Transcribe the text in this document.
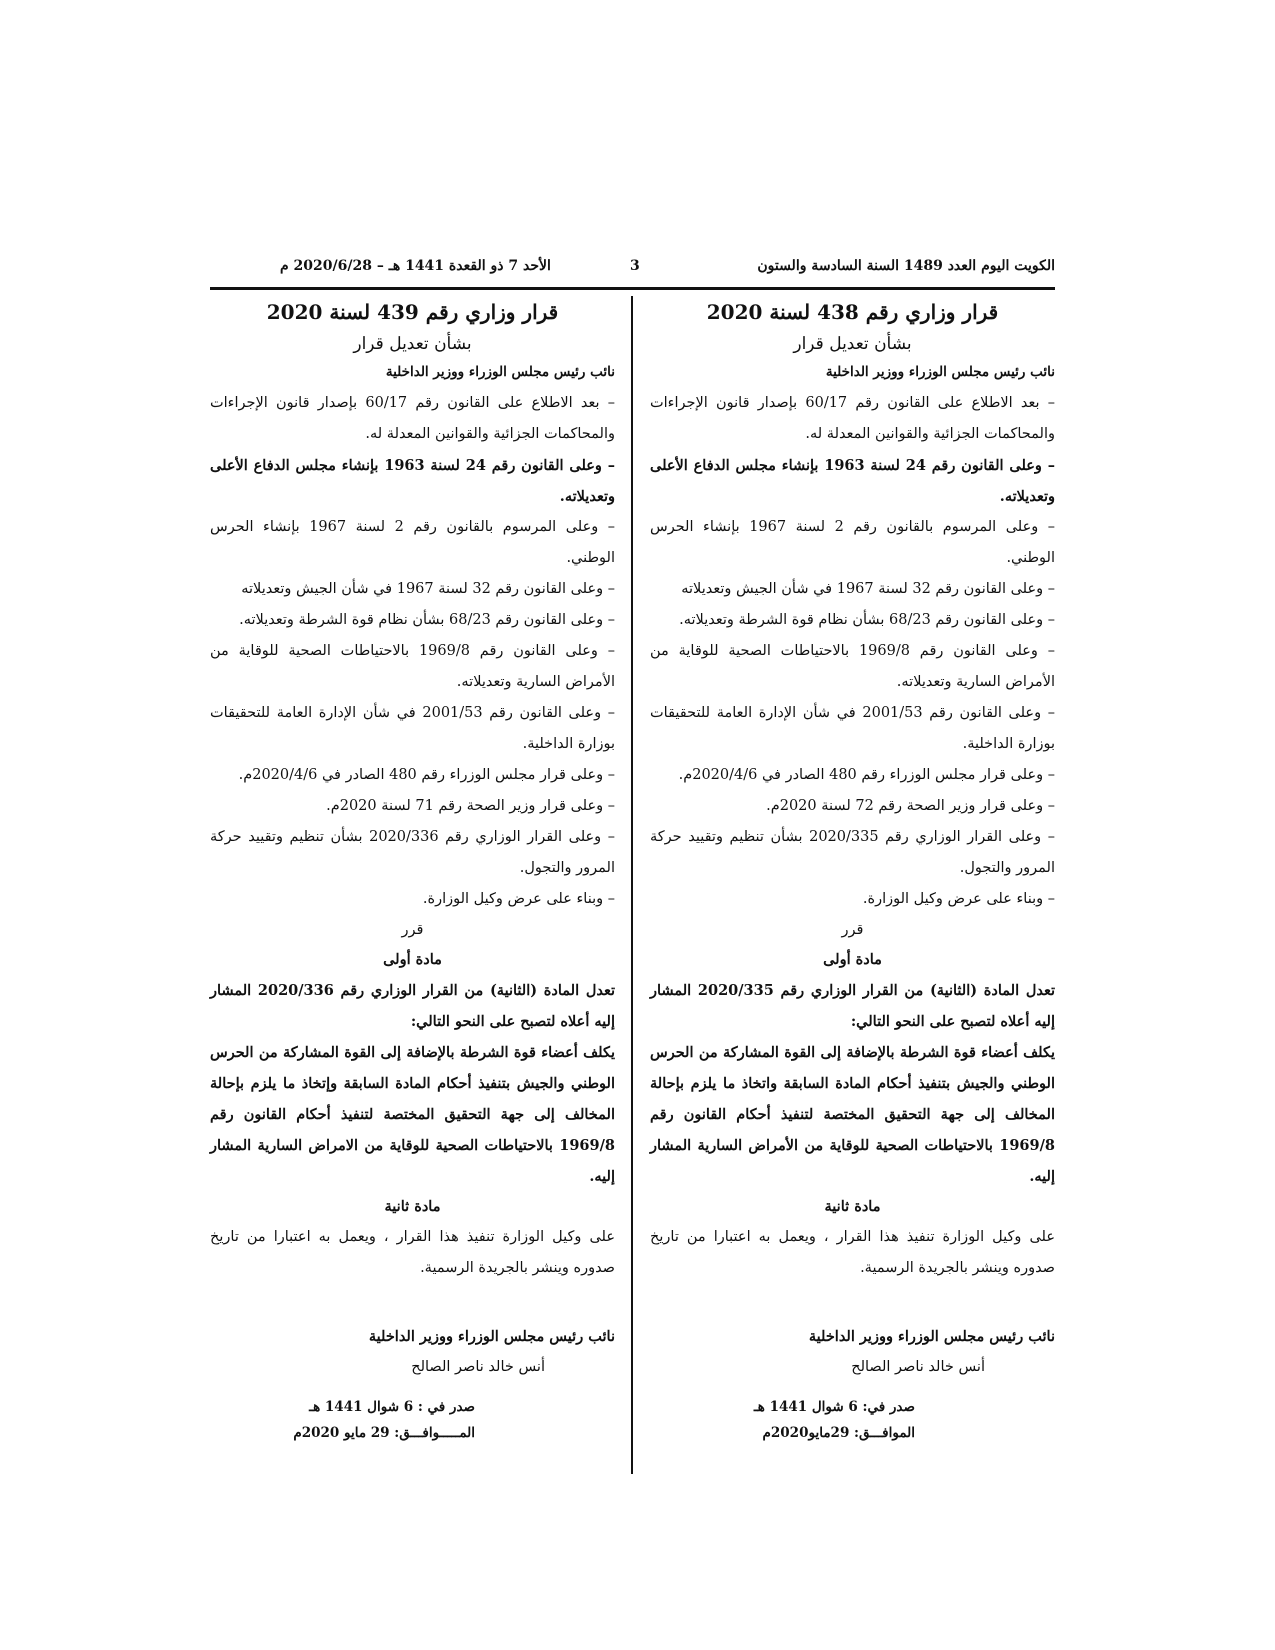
الأحد 7 ذو القعدة 1441 هـ – 2020/6/28 م	3	الكويت اليوم العدد 1489 السنة السادسة والستون

قرار وزاري رقم 438 لسنة 2020

بشأن تعديل قرار

نائب رئيس مجلس الوزراء ووزير الداخلية

– بعد الاطلاع على القانون رقم 60/17 بإصدار قانون الإجراءات والمحاكمات الجزائية والقوانين المعدلة له.

– وعلى القانون رقم 24 لسنة 1963 بإنشاء مجلس الدفاع الأعلى وتعديلاته.

– وعلى المرسوم بالقانون رقم 2 لسنة 1967 بإنشاء الحرس الوطني.

– وعلى القانون رقم 32 لسنة 1967 في شأن الجيش وتعديلاته

– وعلى القانون رقم 68/23 بشأن نظام قوة الشرطة وتعديلاته.

– وعلى القانون رقم 1969/8 بالاحتياطات الصحية للوقاية من الأمراض السارية وتعديلاته.

– وعلى القانون رقم 2001/53 في شأن الإدارة العامة للتحقيقات بوزارة الداخلية.

– وعلى قرار مجلس الوزراء رقم 480 الصادر في 2020/4/6م.

– وعلى قرار وزير الصحة رقم 72 لسنة 2020م.

– وعلى القرار الوزاري رقم 2020/335 بشأن تنظيم وتقييد حركة المرور والتجول.

– وبناء على عرض وكيل الوزارة.

قرر

مادة أولى

تعدل المادة (الثانية) من القرار الوزاري رقم 2020/335 المشار إليه أعلاه لتصبح على النحو التالي:

يكلف أعضاء قوة الشرطة بالإضافة إلى القوة المشاركة من الحرس الوطني والجيش بتنفيذ أحكام المادة السابقة واتخاذ ما يلزم بإحالة المخالف إلى جهة التحقيق المختصة لتنفيذ أحكام القانون رقم 1969/8 بالاحتياطات الصحية للوقاية من الأمراض السارية المشار إليه.

مادة ثانية

على وكيل الوزارة تنفيذ هذا القرار ، ويعمل به اعتبارا من تاريخ صدوره وينشر بالجريدة الرسمية.

نائب رئيس مجلس الوزراء ووزير الداخلية

أنس خالد ناصر الصالح

صدر في: 6 شوال 1441 هـ
الموافـــق: 29مايو2020م

قرار وزاري رقم 439 لسنة 2020

بشأن تعديل قرار

نائب رئيس مجلس الوزراء ووزير الداخلية

– بعد الاطلاع على القانون رقم 60/17 بإصدار قانون الإجراءات والمحاكمات الجزائية والقوانين المعدلة له.

– وعلى القانون رقم 24 لسنة 1963 بإنشاء مجلس الدفاع الأعلى وتعديلاته.

– وعلى المرسوم بالقانون رقم 2 لسنة 1967 بإنشاء الحرس الوطني.

– وعلى القانون رقم 32 لسنة 1967 في شأن الجيش وتعديلاته

– وعلى القانون رقم 68/23 بشأن نظام قوة الشرطة وتعديلاته.

– وعلى القانون رقم 1969/8 بالاحتياطات الصحية للوقاية من الأمراض السارية وتعديلاته.

– وعلى القانون رقم 2001/53 في شأن الإدارة العامة للتحقيقات بوزارة الداخلية.

– وعلى قرار مجلس الوزراء رقم 480 الصادر في 2020/4/6م.

– وعلى قرار وزير الصحة رقم 71 لسنة 2020م.

– وعلى القرار الوزاري رقم 2020/336 بشأن تنظيم وتقييد حركة المرور والتجول.

– وبناء على عرض وكيل الوزارة.

قرر

مادة أولى

تعدل المادة (الثانية) من القرار الوزاري رقم 2020/336 المشار إليه أعلاه لتصبح على النحو التالي:

يكلف أعضاء قوة الشرطة بالإضافة إلى القوة المشاركة من الحرس الوطني والجيش بتنفيذ أحكام المادة السابقة وإتخاذ ما يلزم بإحالة المخالف إلى جهة التحقيق المختصة لتنفيذ أحكام القانون رقم 1969/8 بالاحتياطات الصحية للوقاية من الامراض السارية المشار إليه.

مادة ثانية

على وكيل الوزارة تنفيذ هذا القرار ، ويعمل به اعتبارا من تاريخ صدوره وينشر بالجريدة الرسمية.

نائب رئيس مجلس الوزراء ووزير الداخلية

أنس خالد ناصر الصالح

صدر في : 6 شوال 1441 هـ
المـــــوافـــق: 29 مايو 2020م
